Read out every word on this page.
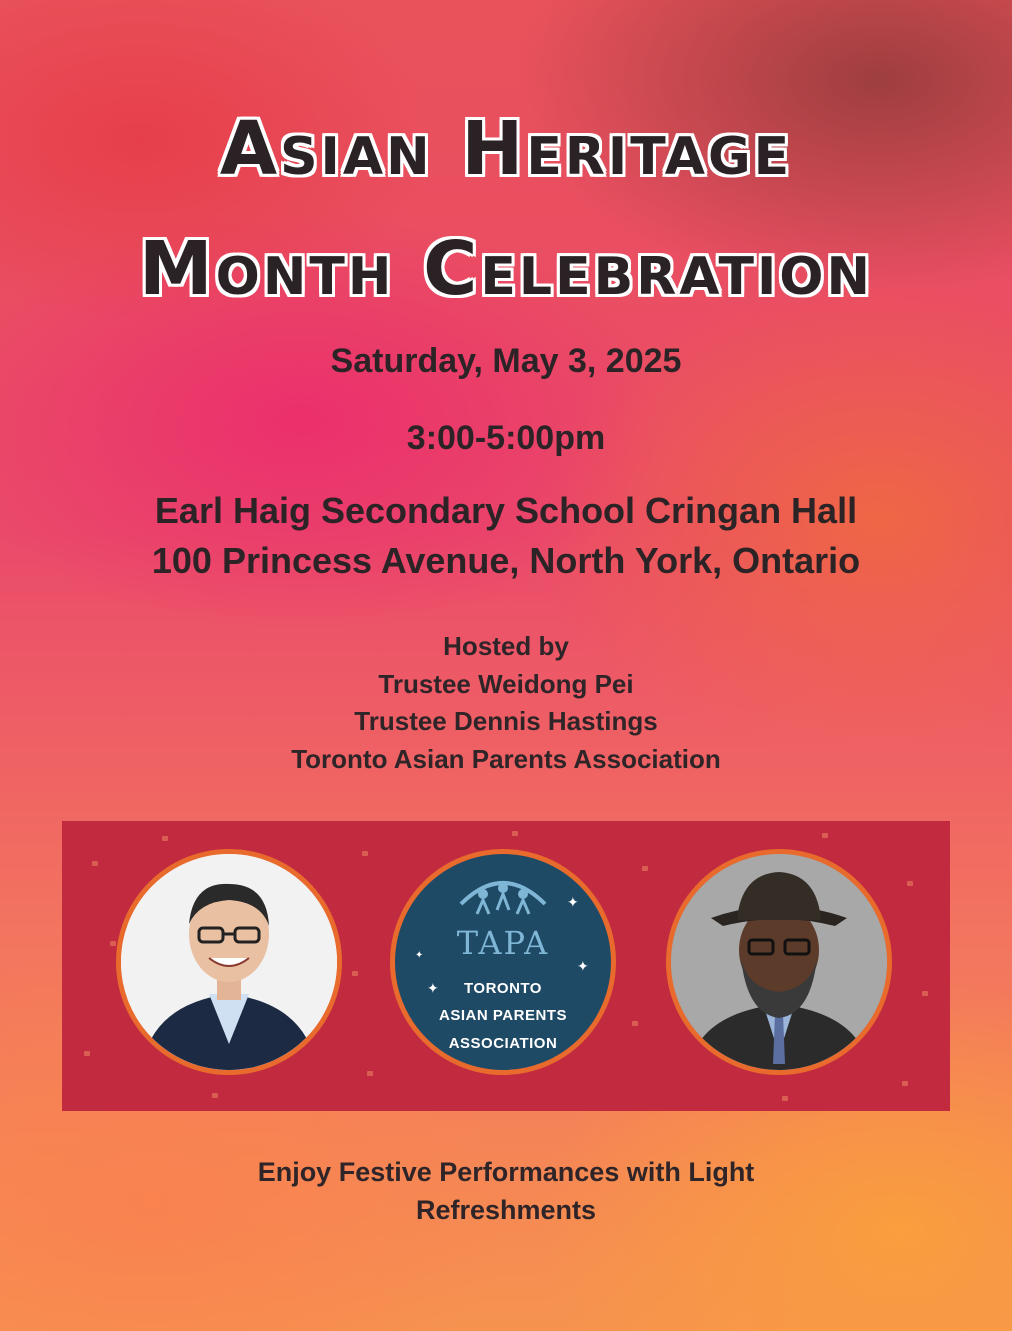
Asian Heritage
Month Celebration
Saturday, May 3, 2025
3:00-5:00pm
Earl Haig Secondary School Cringan Hall
100 Princess Avenue, North York, Ontario
Hosted by
Trustee Weidong Pei
Trustee Dennis Hastings
Toronto Asian Parents Association
TAPA
TORONTO
ASIAN PARENTS
ASSOCIATION
✦
✦
✦
✦
Enjoy Festive Performances with Light
Refreshments
